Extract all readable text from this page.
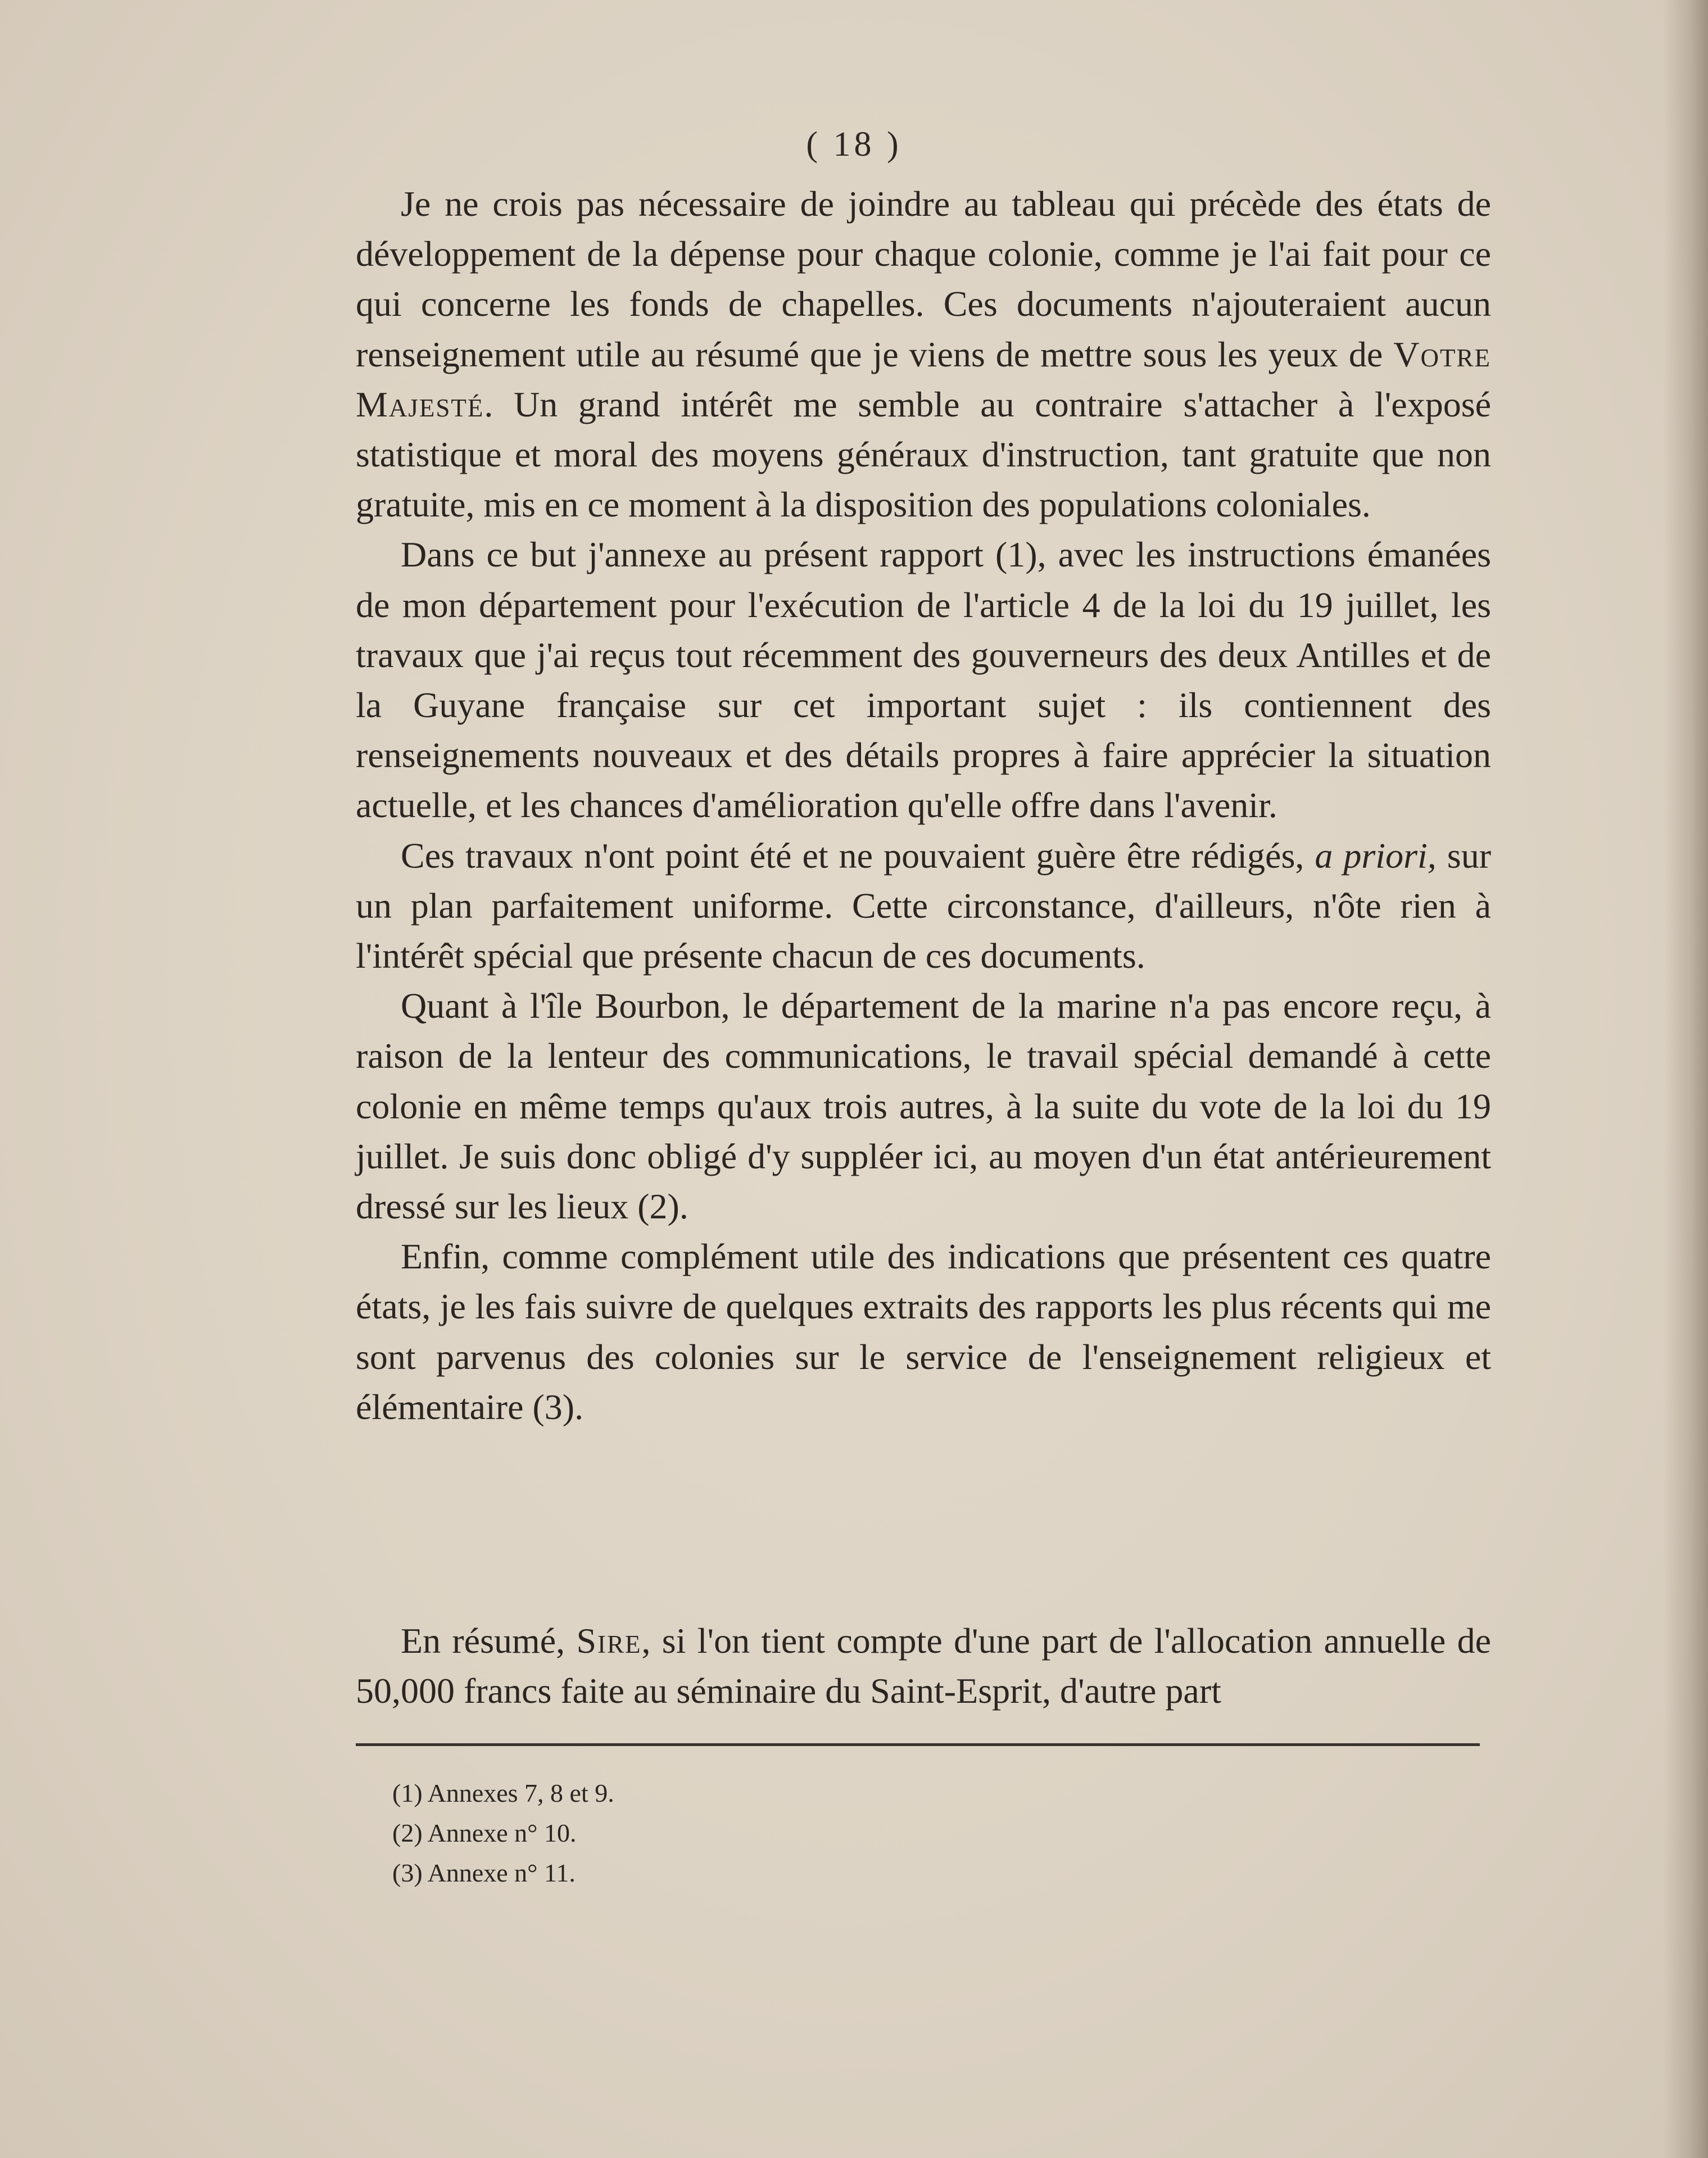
( 18 )

Je ne crois pas nécessaire de joindre au tableau qui précède des états de développement de la dépense pour chaque colonie, comme je l'ai fait pour ce qui concerne les fonds de chapelles. Ces documents n'ajouteraient aucun renseignement utile au résumé que je viens de mettre sous les yeux de Votre Majesté. Un grand intérêt me semble au contraire s'attacher à l'exposé statistique et moral des moyens généraux d'instruction, tant gratuite que non gratuite, mis en ce moment à la disposition des populations coloniales.

Dans ce but j'annexe au présent rapport (1), avec les instructions émanées de mon département pour l'exécution de l'article 4 de la loi du 19 juillet, les travaux que j'ai reçus tout récemment des gouverneurs des deux Antilles et de la Guyane française sur cet important sujet : ils contiennent des renseignements nouveaux et des détails propres à faire apprécier la situation actuelle, et les chances d'amélioration qu'elle offre dans l'avenir.

Ces travaux n'ont point été et ne pouvaient guère être rédigés, a priori, sur un plan parfaitement uniforme. Cette circonstance, d'ailleurs, n'ôte rien à l'intérêt spécial que présente chacun de ces documents.

Quant à l'île Bourbon, le département de la marine n'a pas encore reçu, à raison de la lenteur des communications, le travail spécial demandé à cette colonie en même temps qu'aux trois autres, à la suite du vote de la loi du 19 juillet. Je suis donc obligé d'y suppléer ici, au moyen d'un état antérieurement dressé sur les lieux (2).

Enfin, comme complément utile des indications que présentent ces quatre états, je les fais suivre de quelques extraits des rapports les plus récents qui me sont parvenus des colonies sur le service de l'enseignement religieux et élémentaire (3).

En résumé, Sire, si l'on tient compte d'une part de l'allocation annuelle de 50,000 francs faite au séminaire du Saint-Esprit, d'autre part

(1) Annexes 7, 8 et 9.
(2) Annexe n° 10.
(3) Annexe n° 11.
